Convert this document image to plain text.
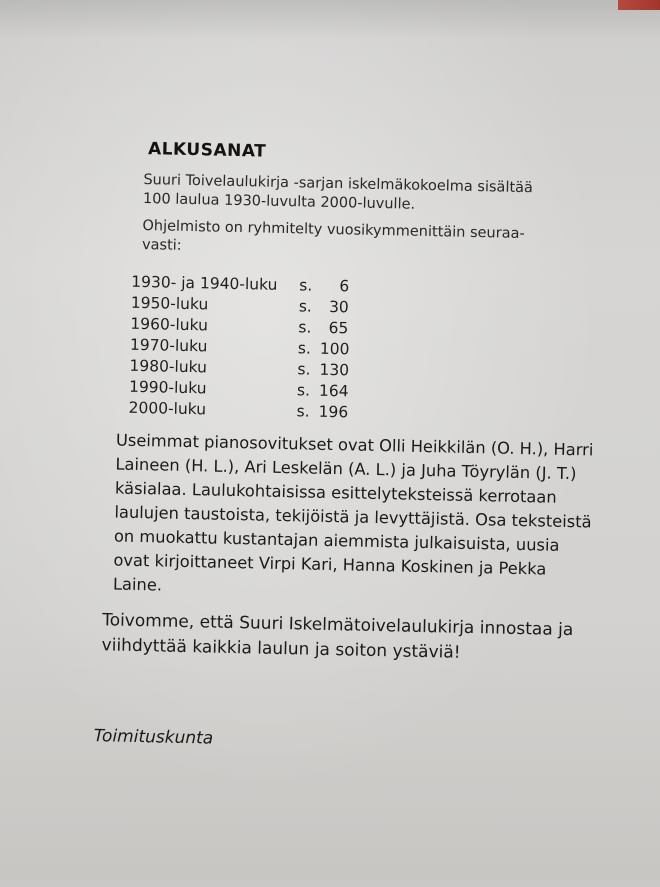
ALKUSANAT

Suuri Toivelaulukirja -sarjan iskelmäkokoelma sisältää 100 laulua 1930-luvulta 2000-luvulle.

Ohjelmisto on ryhmitelty vuosikymmenittäin seuraa-vasti:

1930- ja 1940-luku	s.	6
1950-luku	s.	30
1960-luku	s.	65
1970-luku	s. 100
1980-luku	s. 130
1990-luku	s. 164
2000-luku	s. 196

Useimmat pianosovitukset ovat Olli Heikkilän (O. H.), Harri Laineen (H. L.), Ari Leskelän (A. L.) ja Juha Töyrylän (J. T.) käsialaa. Laulukohtaisissa esittelyteksteissä kerrotaan laulujen taustoista, tekijöistä ja levyttäjistä. Osa teksteistä on muokattu kustantajan aiemmista julkaisuista, uusia ovat kirjoittaneet Virpi Kari, Hanna Koskinen ja Pekka Laine.

Toivomme, että Suuri Iskelmätoivelaulukirja innostaa ja viihdyttää kaikkia laulun ja soiton ystäviä!
Toimituskunta
